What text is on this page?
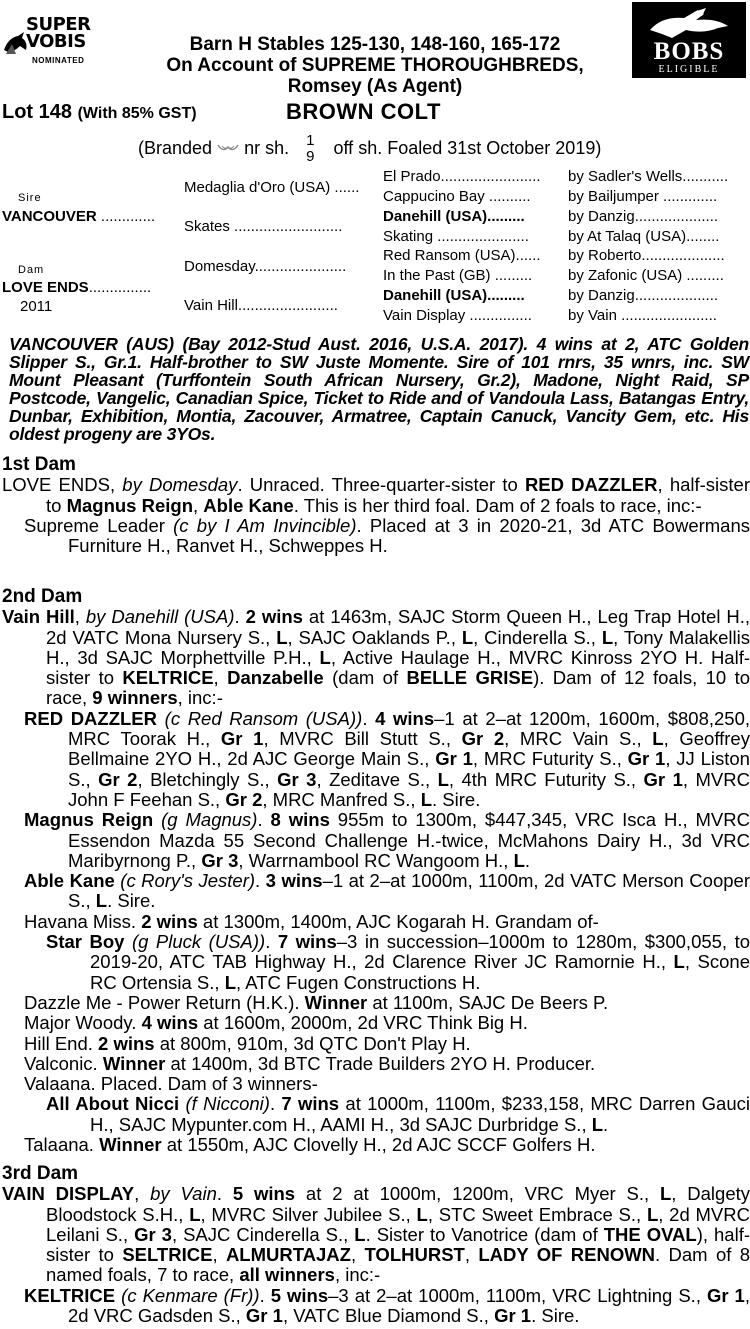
SUPER
VOBIS
NOMINATED
Barn H Stables 125-130, 148-160, 165-172
On Account of SUPREME THOROUGHBREDS,
Romsey (As Agent)
BOBS
ELIGIBLE
Lot 148 (With 85% GST)	BROWN COLT
(Branded nr sh. 1
9 off sh. Foaled 31st October 2019)
Sire
VANCOUVER .............
Dam
LOVE ENDS...............
2011
Medaglia d'Oro (USA) ......
Skates ..........................
Domesday......................
Vain Hill........................
El Prado........................
Cappucino Bay ..........
Danehill (USA).........
Skating ......................
Red Ransom (USA)......
In the Past (GB) .........
Danehill (USA).........
Vain Display ...............
by Sadler's Wells...........
by Bailjumper .............
by Danzig....................
by At Talaq (USA)........
by Roberto....................
by Zafonic (USA) .........
by Danzig....................
by Vain .......................
VANCOUVER (AUS) (Bay 2012-Stud Aust. 2016, U.S.A. 2017). 4 wins at 2, ATC Golden Slipper S., Gr.1. Half-brother to SW Juste Momente. Sire of 101 rnrs, 35 wnrs, inc. SW Mount Pleasant (Turffontein South African Nursery, Gr.2), Madone, Night Raid, SP Postcode, Vangelic, Canadian Spice, Ticket to Ride and of Vandoula Lass, Batangas Entry, Dunbar, Exhibition, Montia, Zacouver, Armatree, Captain Canuck, Vancity Gem, etc. His oldest progeny are 3YOs.
1st Dam

LOVE ENDS, by Domesday. Unraced. Three-quarter-sister to RED DAZZLER, half-sister to Magnus Reign, Able Kane. This is her third foal. Dam of 2 foals to race, inc:-

Supreme Leader (c by I Am Invincible). Placed at 3 in 2020-21, 3d ATC Bowermans Furniture H., Ranvet H., Schweppes H.

2nd Dam

Vain Hill, by Danehill (USA). 2 wins at 1463m, SAJC Storm Queen H., Leg Trap Hotel H., 2d VATC Mona Nursery S., L, SAJC Oaklands P., L, Cinderella S., L, Tony Malakellis H., 3d SAJC Morphettville P.H., L, Active Haulage H., MVRC Kinross 2YO H. Half-sister to KELTRICE, Danzabelle (dam of BELLE GRISE). Dam of 12 foals, 10 to race, 9 winners, inc:-

RED DAZZLER (c Red Ransom (USA)). 4 wins–1 at 2–at 1200m, 1600m, $808,250, MRC Toorak H., Gr 1, MVRC Bill Stutt S., Gr 2, MRC Vain S., L, Geoffrey Bellmaine 2YO H., 2d AJC George Main S., Gr 1, MRC Futurity S., Gr 1, JJ Liston S., Gr 2, Bletchingly S., Gr 3, Zeditave S., L, 4th MRC Futurity S., Gr 1, MVRC John F Feehan S., Gr 2, MRC Manfred S., L. Sire.

Magnus Reign (g Magnus). 8 wins 955m to 1300m, $447,345, VRC Isca H., MVRC Essendon Mazda 55 Second Challenge H.-twice, McMahons Dairy H., 3d VRC Maribyrnong P., Gr 3, Warrnambool RC Wangoom H., L.

Able Kane (c Rory's Jester). 3 wins–1 at 2–at 1000m, 1100m, 2d VATC Merson Cooper S., L. Sire.

Havana Miss. 2 wins at 1300m, 1400m, AJC Kogarah H. Grandam of-

Star Boy (g Pluck (USA)). 7 wins–3 in succession–1000m to 1280m, $300,055, to 2019-20, ATC TAB Highway H., 2d Clarence River JC Ramornie H., L, Scone RC Ortensia S., L, ATC Fugen Constructions H.

Dazzle Me - Power Return (H.K.). Winner at 1100m, SAJC De Beers P.

Major Woody. 4 wins at 1600m, 2000m, 2d VRC Think Big H.

Hill End. 2 wins at 800m, 910m, 3d QTC Don't Play H.

Valconic. Winner at 1400m, 3d BTC Trade Builders 2YO H. Producer.

Valaana. Placed. Dam of 3 winners-

All About Nicci (f Nicconi). 7 wins at 1000m, 1100m, $233,158, MRC Darren Gauci H., SAJC Mypunter.com H., AAMI H., 3d SAJC Durbridge S., L.

Talaana. Winner at 1550m, AJC Clovelly H., 2d AJC SCCF Golfers H.

3rd Dam

VAIN DISPLAY, by Vain. 5 wins at 2 at 1000m, 1200m, VRC Myer S., L, Dalgety Bloodstock S.H., L, MVRC Silver Jubilee S., L, STC Sweet Embrace S., L, 2d MVRC Leilani S., Gr 3, SAJC Cinderella S., L. Sister to Vanotrice (dam of THE OVAL), half-sister to SELTRICE, ALMURTAJAZ, TOLHURST, LADY OF RENOWN. Dam of 8 named foals, 7 to race, all winners, inc:-

KELTRICE (c Kenmare (Fr)). 5 wins–3 at 2–at 1000m, 1100m, VRC Lightning S., Gr 1, 2d VRC Gadsden S., Gr 1, VATC Blue Diamond S., Gr 1. Sire.
